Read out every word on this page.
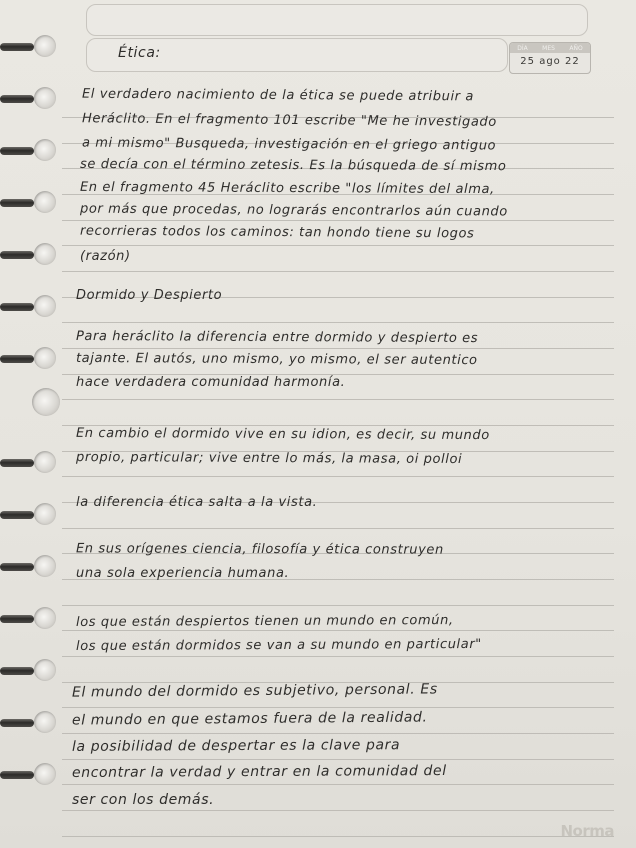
DÍA MES AÑO
25 ago 22
Ética:
El verdadero nacimiento de la ética se puede atribuir a
Heráclito. En el fragmento 101 escribe "Me he investigado
a mi mismo" Busqueda, investigación en el griego antiguo
se decía con el término zetesis. Es la búsqueda de sí mismo
En el fragmento 45 Heráclito escribe "los límites del alma,
por más que procedas, no lograrás encontrarlos aún cuando
recorrieras todos los caminos: tan hondo tiene su logos
(razón)
Dormido y Despierto
Para heráclito la diferencia entre dormido y despierto es
tajante. El autós, uno mismo, yo mismo, el ser autentico
hace verdadera comunidad harmonía.
En cambio el dormido vive en su idion, es decir, su mundo
propio, particular; vive entre lo más, la masa, oi polloi
la diferencia ética salta a la vista.
En sus orígenes ciencia, filosofía y ética construyen
una sola experiencia humana.
los que están despiertos tienen un mundo en común,
los que están dormidos se van a su mundo en particular"
El mundo del dormido es subjetivo, personal. Es
el mundo en que estamos fuera de la realidad.
la posibilidad de despertar es la clave para
encontrar la verdad y entrar en la comunidad del
ser con los demás.
Norma
